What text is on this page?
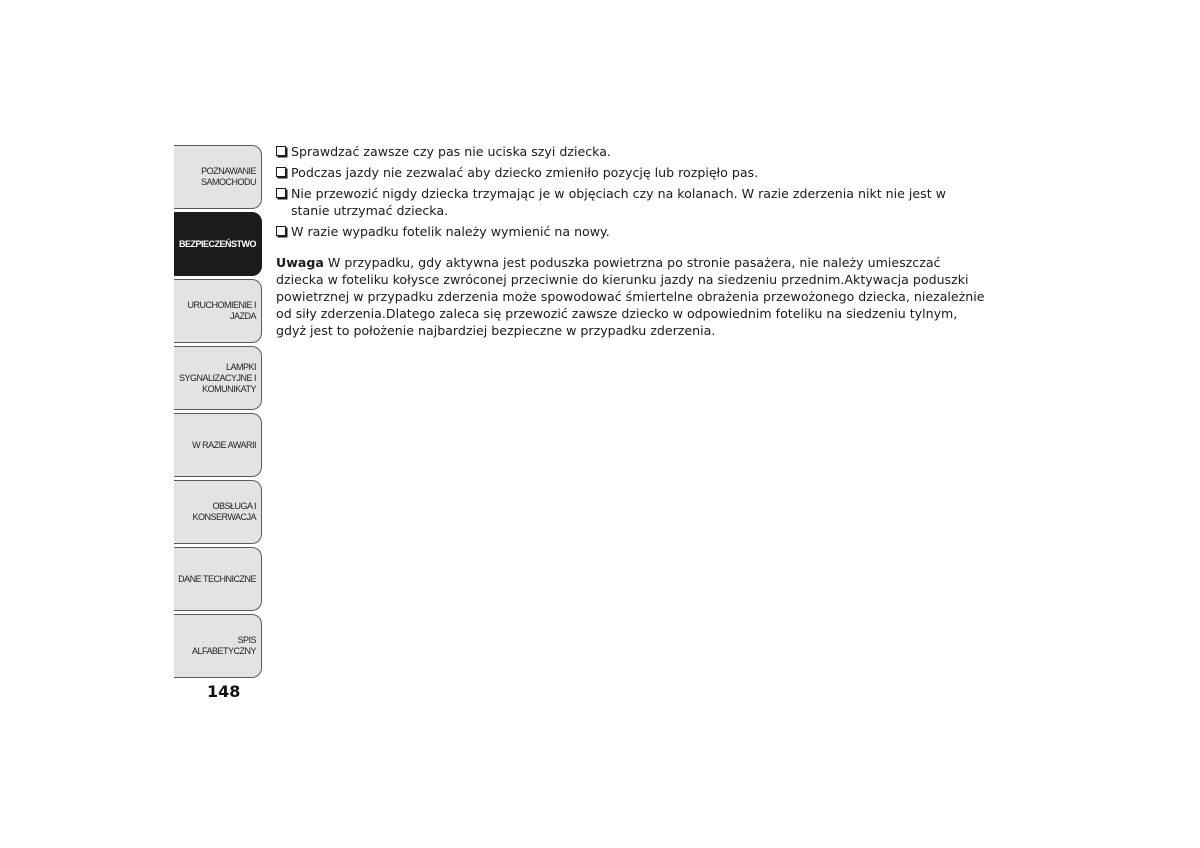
POZNAWANIE
SAMOCHODU
BEZPIECZEŃSTWO
URUCHOMIENIE I
JAZDA
LAMPKI
SYGNALIZACYJNE I
KOMUNIKATY
W RAZIE AWARII
OBSŁUGA I
KONSERWACJA
DANE TECHNICZNE
SPIS ALFABETYCZNY
148

Sprawdzać zawsze czy pas nie uciska szyi dziecka.

Podczas jazdy nie zezwalać aby dziecko zmieniło pozycję lub rozpięło pas.

Nie przewozić nigdy dziecka trzymając je w objęciach czy na kolanach. W razie zderzenia nikt nie jest w stanie utrzymać dziecka.

W razie wypadku fotelik należy wymienić na nowy.

Uwaga W przypadku, gdy aktywna jest poduszka powietrzna po stronie pasażera, nie należy umieszczać dziecka w foteliku kołysce zwróconej przeciwnie do kierunku jazdy na siedzeniu przednim.Aktywacja poduszki powietrznej w przypadku zderzenia może spowodować śmiertelne obrażenia przewożonego dziecka, niezależnie od siły zderzenia.Dlatego zaleca się przewozić zawsze dziecko w odpowiednim foteliku na siedzeniu tylnym, gdyż jest to położenie najbardziej bezpieczne w przypadku zderzenia.
